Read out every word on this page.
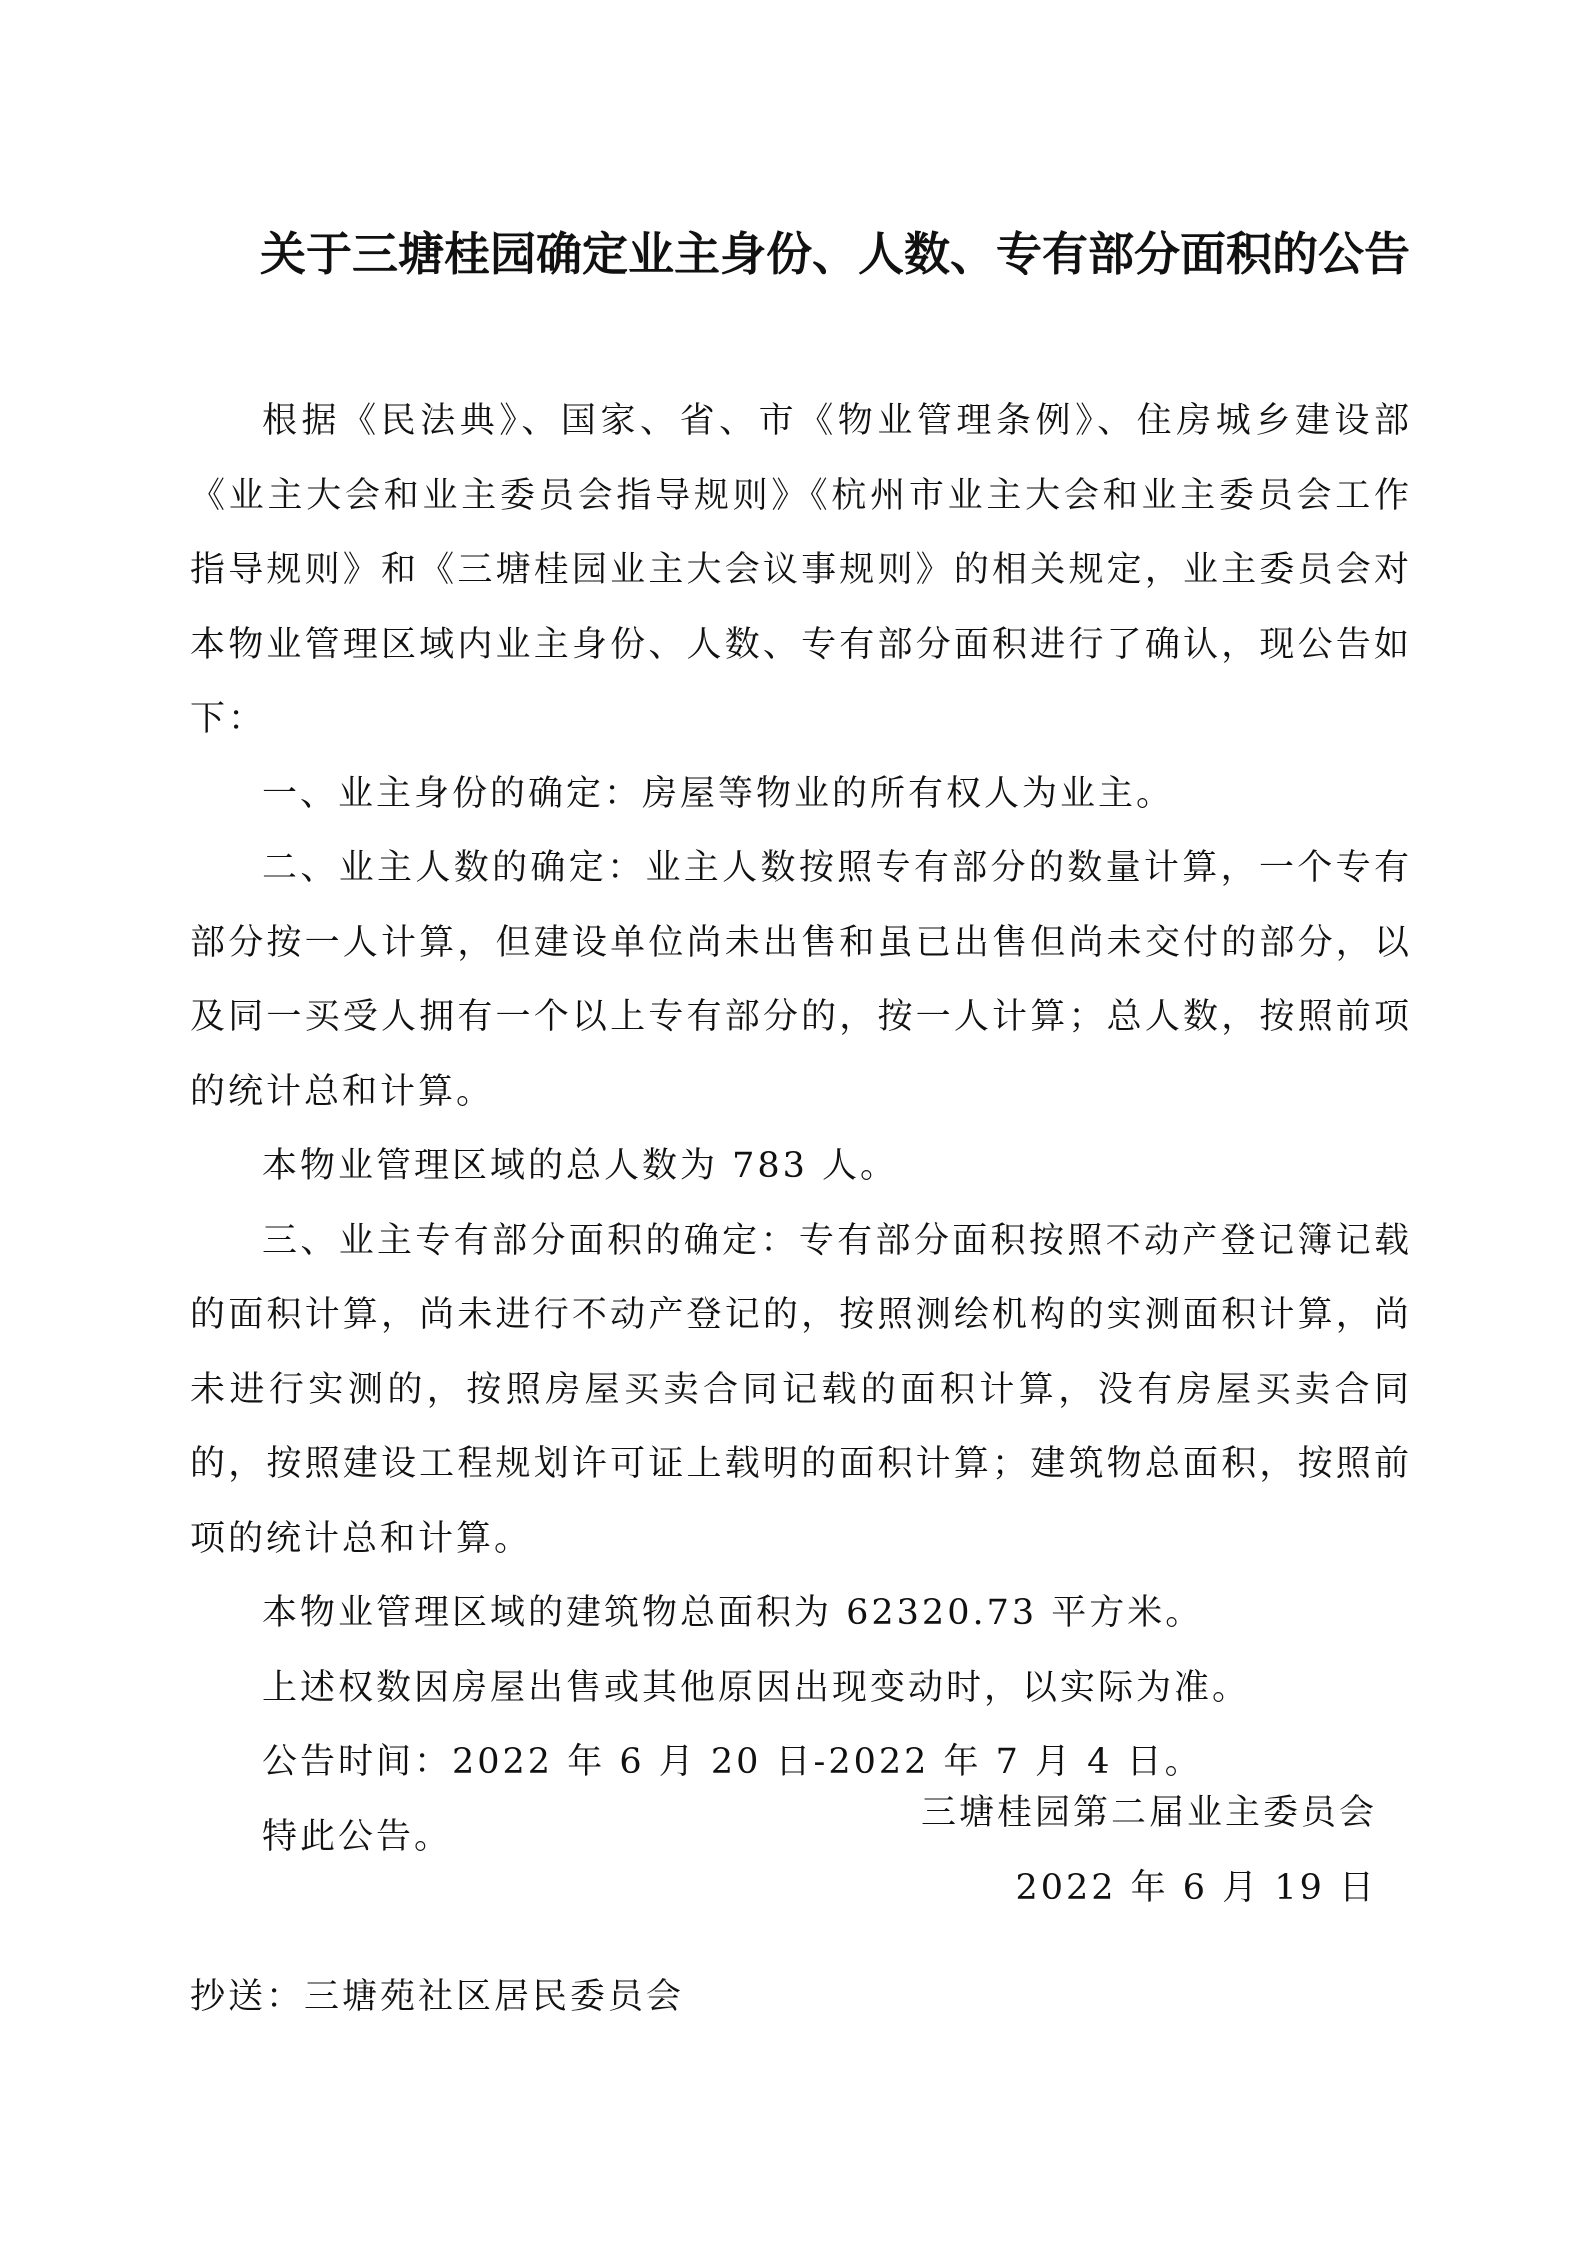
关于三塘桂园确定业主身份、人数、专有部分面积的公告

根据《民法典》、国家、省、市《物业管理条例》、住房城乡建设部《业主大会和业主委员会指导规则》《杭州市业主大会和业主委员会工作指导规则》和《三塘桂园业主大会议事规则》的相关规定，业主委员会对本物业管理区域内业主身份、人数、专有部分面积进行了确认，现公告如下：

一、业主身份的确定：房屋等物业的所有权人为业主。

二、业主人数的确定：业主人数按照专有部分的数量计算，一个专有部分按一人计算，但建设单位尚未出售和虽已出售但尚未交付的部分，以及同一买受人拥有一个以上专有部分的，按一人计算；总人数，按照前项的统计总和计算。

本物业管理区域的总人数为 783 人。

三、业主专有部分面积的确定：专有部分面积按照不动产登记簿记载的面积计算，尚未进行不动产登记的，按照测绘机构的实测面积计算，尚未进行实测的，按照房屋买卖合同记载的面积计算，没有房屋买卖合同的，按照建设工程规划许可证上载明的面积计算；建筑物总面积，按照前项的统计总和计算。

本物业管理区域的建筑物总面积为 62320.73 平方米。

上述权数因房屋出售或其他原因出现变动时，以实际为准。

公告时间：2022 年 6 月 20 日-2022 年 7 月 4 日。

特此公告。

三塘桂园第二届业主委员会
2022 年 6 月 19 日
抄送：三塘苑社区居民委员会
